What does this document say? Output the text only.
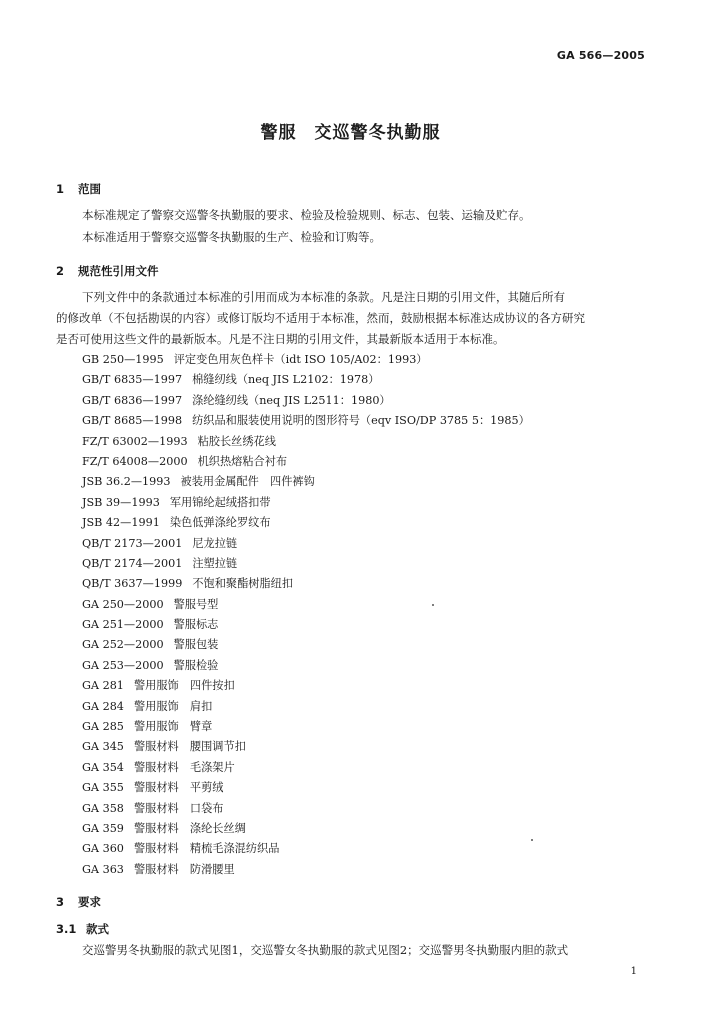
GA 566—2005
警服　交巡警冬执勤服
1 范围
本标准规定了警察交巡警冬执勤服的要求、检验及检验规则、标志、包装、运输及贮存。
本标准适用于警察交巡警冬执勤服的生产、检验和订购等。
2 规范性引用文件
下列文件中的条款通过本标准的引用而成为本标准的条款。凡是注日期的引用文件，其随后所有
的修改单（不包括勘误的内容）或修订版均不适用于本标准，然而，鼓励根据本标准达成协议的各方研究
是否可使用这些文件的最新版本。凡是不注日期的引用文件，其最新版本适用于本标准。
GB 250—1995 评定变色用灰色样卡（idt ISO 105/A02：1993）
GB/T 6835—1997 棉缝纫线（neq JIS L2102：1978）
GB/T 6836—1997 涤纶缝纫线（neq JIS L2511：1980）
GB/T 8685—1998 纺织品和服装使用说明的图形符号（eqv ISO/DP 3785 5：1985）
FZ/T 63002—1993 粘胶长丝绣花线
FZ/T 64008—2000 机织热熔粘合衬布
JSB 36.2—1993 被装用金属配件　四件裤钩
JSB 39—1993 军用锦纶起绒搭扣带
JSB 42—1991 染色低弹涤纶罗纹布
QB/T 2173—2001 尼龙拉链
QB/T 2174—2001 注塑拉链
QB/T 3637—1999 不饱和聚酯树脂纽扣
GA 250—2000 警服号型
GA 251—2000 警服标志
GA 252—2000 警服包装
GA 253—2000 警服检验
GA 281 警用服饰　四件按扣
GA 284 警用服饰　肩扣
GA 285 警用服饰　臂章
GA 345 警服材料　腰围调节扣
GA 354 警服材料　毛涤架片
GA 355 警服材料　平剪绒
GA 358 警服材料　口袋布
GA 359 警服材料　涤纶长丝绸
GA 360 警服材料　精梳毛涤混纺织品
GA 363 警服材料　防滑腰里
3 要求
3.1 款式
交巡警男冬执勤服的款式见图1，交巡警女冬执勤服的款式见图2；交巡警男冬执勤服内胆的款式
1
